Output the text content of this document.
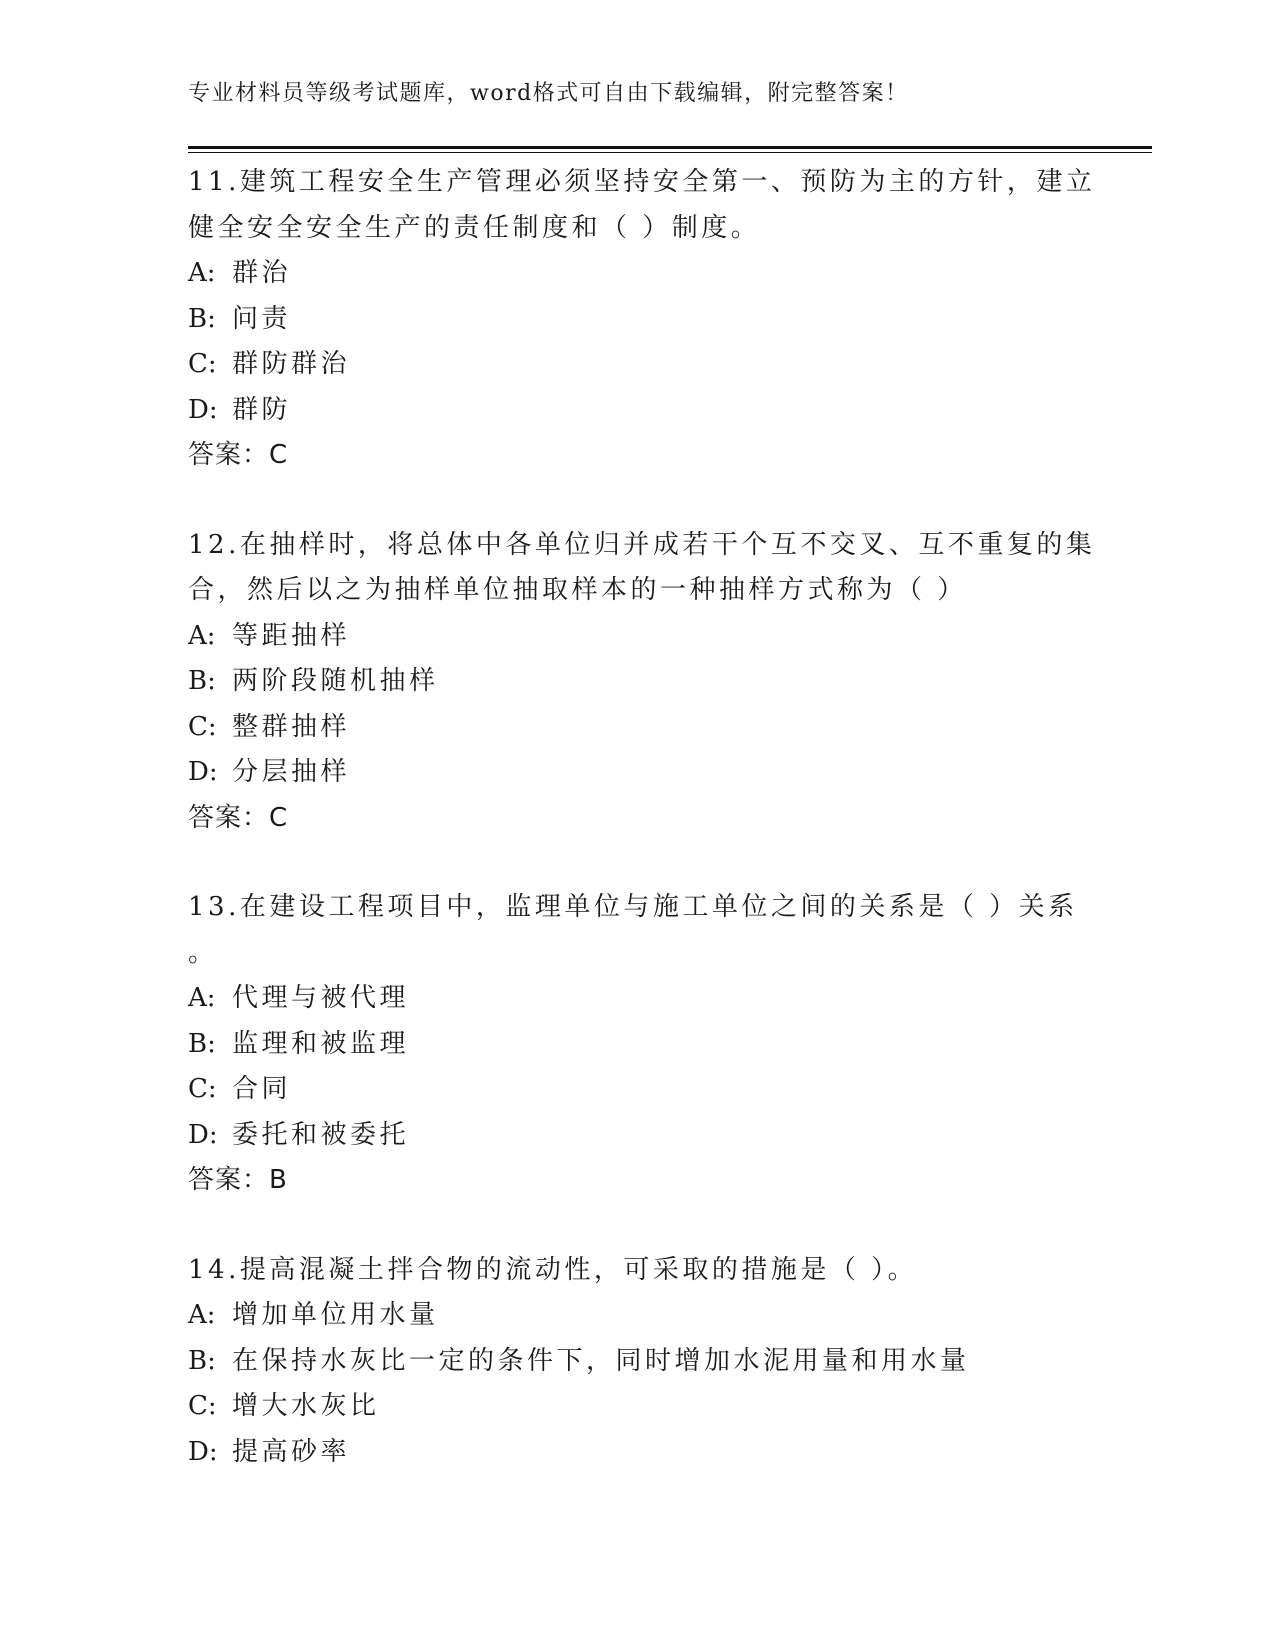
专业材料员等级考试题库，word格式可自由下载编辑，附完整答案！
11.建筑工程安全生产管理必须坚持安全第一、预防为主的方针，建立
健全安全安全生产的责任制度和（ ）制度。
A: 群治
B: 问责
C: 群防群治
D: 群防
答案：C
12.在抽样时，将总体中各单位归并成若干个互不交叉、互不重复的集
合，然后以之为抽样单位抽取样本的一种抽样方式称为（ ）
A: 等距抽样
B: 两阶段随机抽样
C: 整群抽样
D: 分层抽样
答案：C
13.在建设工程项目中，监理单位与施工单位之间的关系是（ ）关系
。
A: 代理与被代理
B: 监理和被监理
C: 合同
D: 委托和被委托
答案：B
14.提高混凝土拌合物的流动性，可采取的措施是（ ）。
A: 增加单位用水量
B: 在保持水灰比一定的条件下，同时增加水泥用量和用水量
C: 增大水灰比
D: 提高砂率
